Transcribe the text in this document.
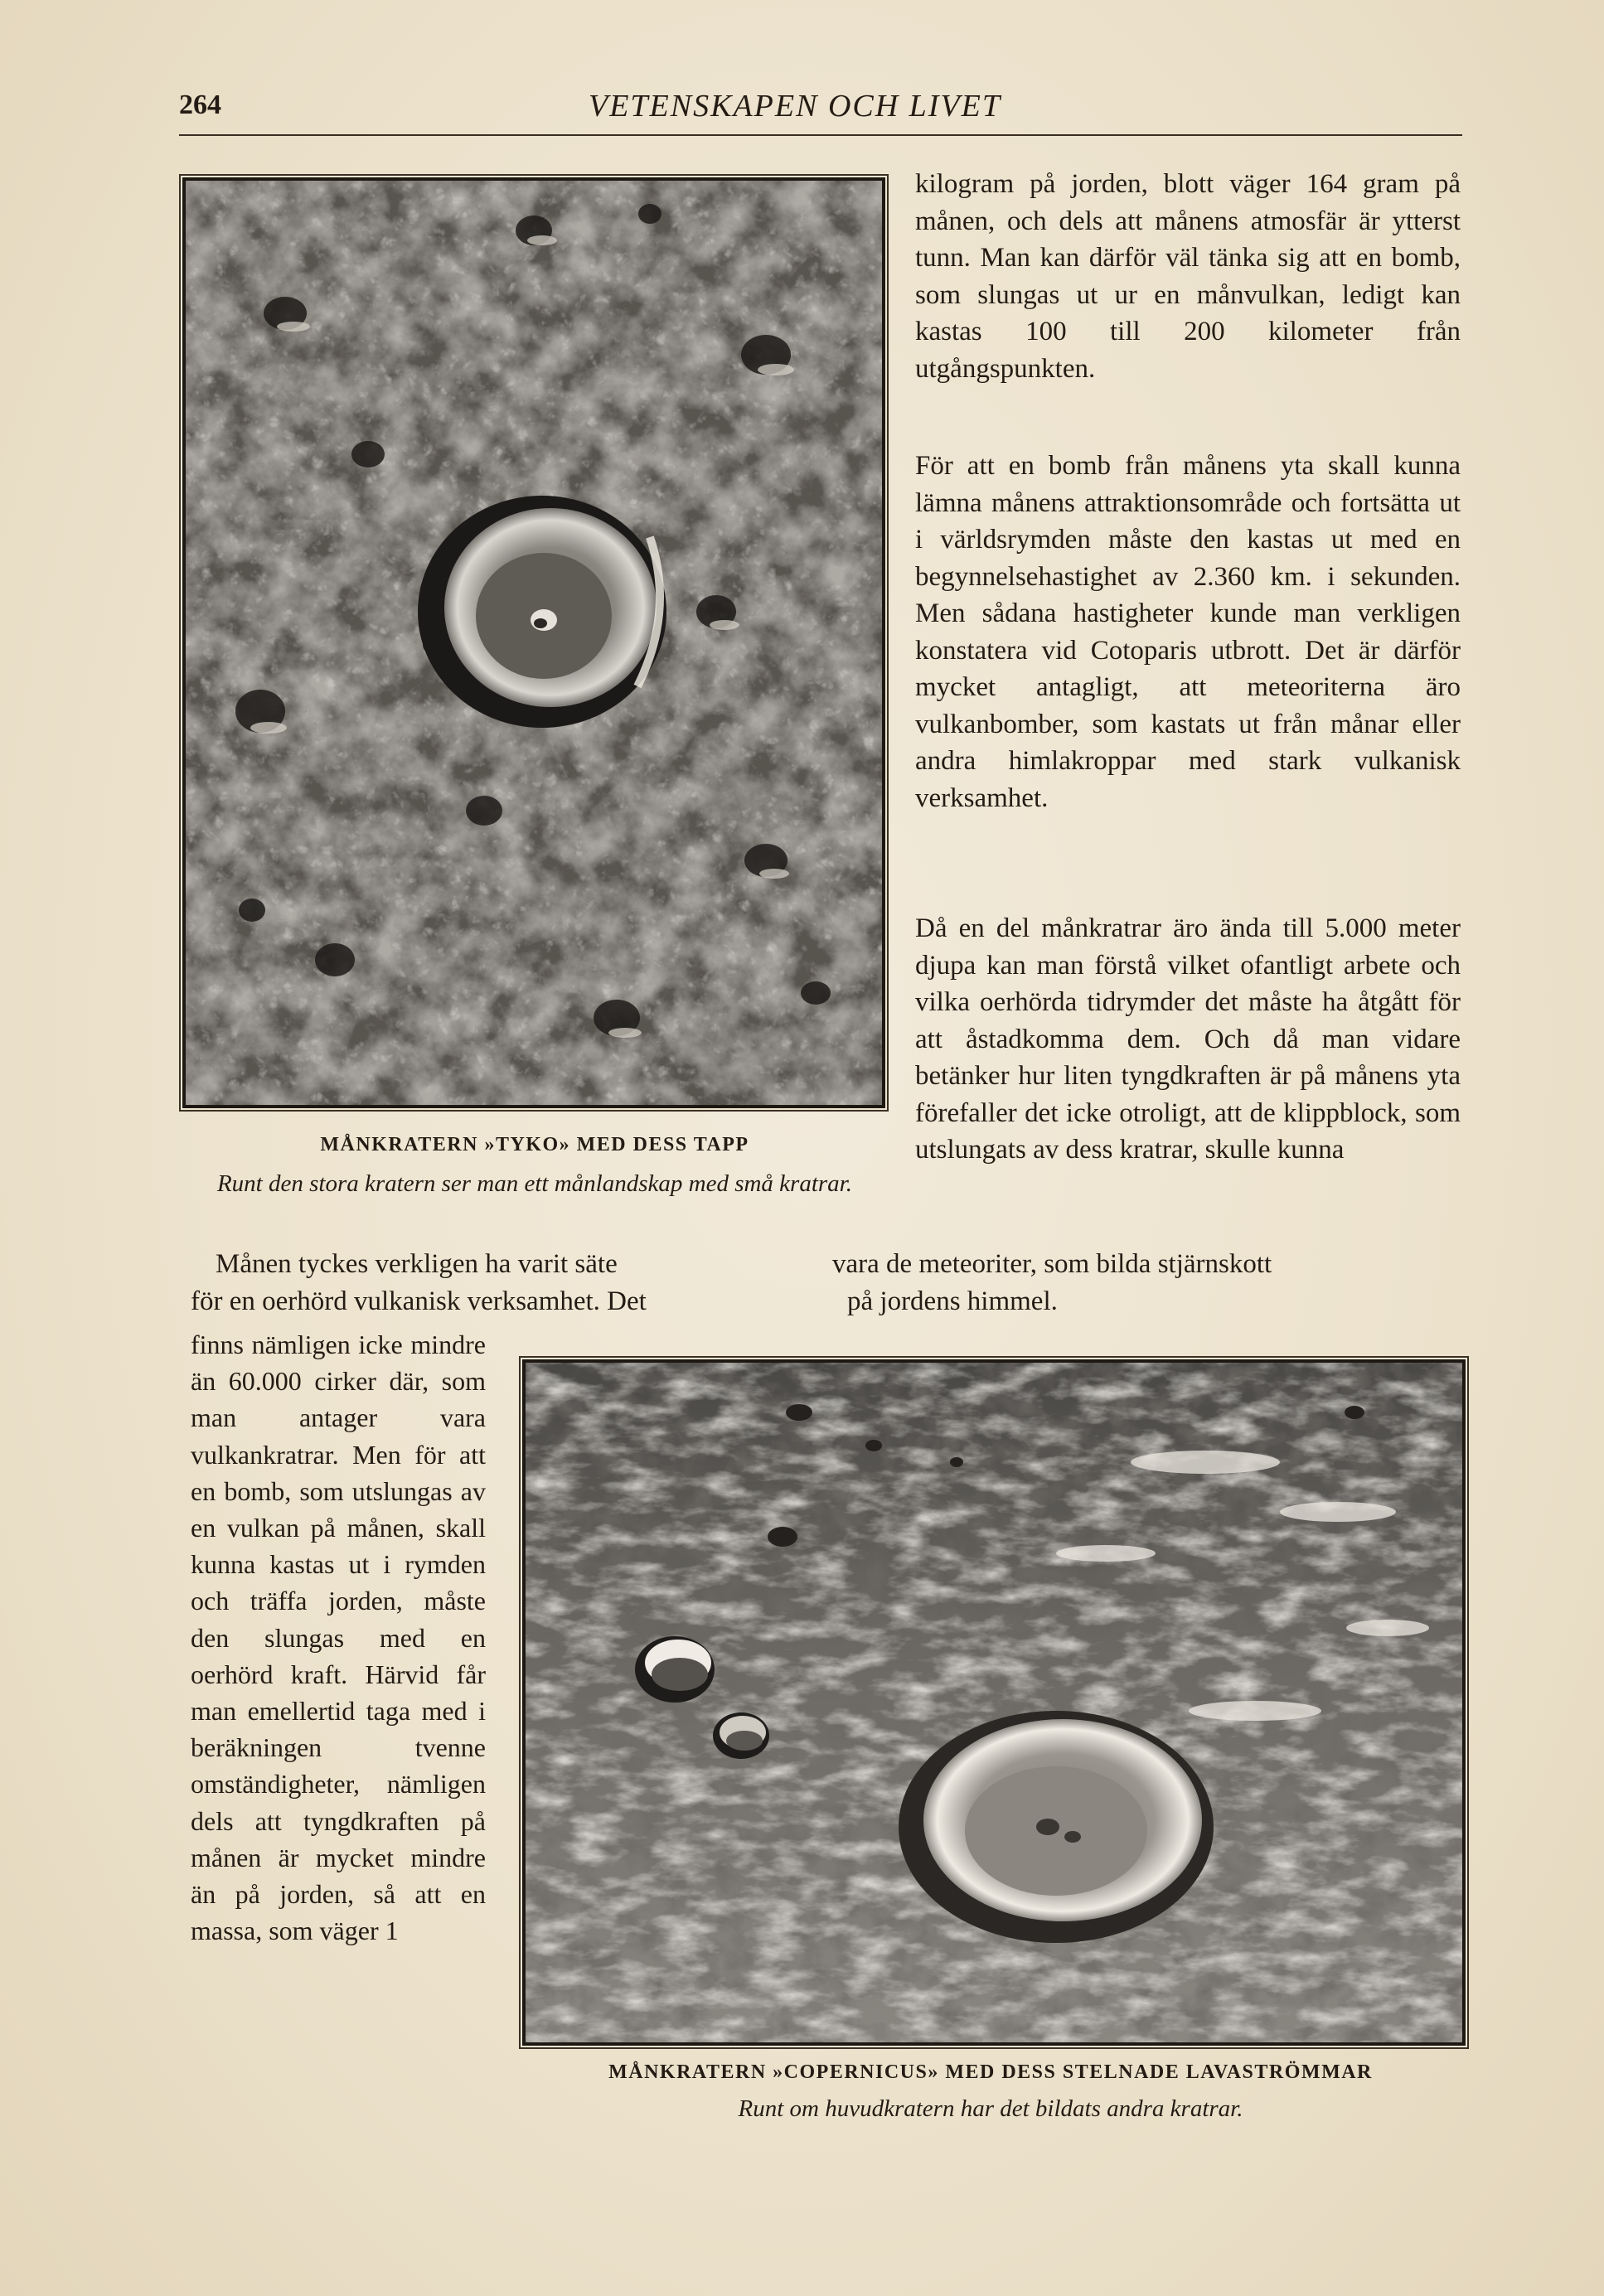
264	VETENSKAPEN OCH LIVET
MÅNKRATERN »TYKO» MED DESS TAPP
Runt den stora kratern ser man ett månlandskap med små kratrar.
kilogram på jorden, blott väger 164 gram på månen, och dels att månens atmosfär är ytterst tunn. Man kan därför väl tänka sig att en bomb, som slungas ut ur en månvulkan, ledigt kan kastas 100 till 200 kilometer från utgångspunkten.
För att en bomb från månens yta skall kunna lämna månens attraktionsområde och fortsätta ut i världsrymden måste den kastas ut med en begynnelsehastighet av 2.360 km. i sekunden. Men sådana hastigheter kunde man verkligen konstatera vid Cotoparis utbrott. Det är därför mycket antagligt, att meteoriterna äro vulkanbomber, som kastats ut från månar eller andra himlakroppar med stark vulkanisk verksamhet.
Då en del månkratrar äro ända till 5.000 meter djupa kan man förstå vilket ofantligt arbete och vilka oerhörda tidrymder det måste ha åtgått för att åstadkomma dem. Och då man vidare betänker hur liten tyngdkraften är på månens yta förefaller det icke otroligt, att de klippblock, som utslungats av dess kratrar, skulle kunna
Månen tyckes verkligen ha varit säte
för en oerhörd vulkanisk verksamhet. Det
vara de meteoriter, som bilda stjärnskott
på jordens himmel.
finns nämligen icke mindre än 60.000 cirker där, som man antager vara vulkankratrar. Men för att en bomb, som utslungas av en vulkan på månen, skall kunna kastas ut i rymden och träffa jorden, måste den slungas med en oerhörd kraft. Härvid får man emellertid taga med i beräkningen tvenne omständigheter, nämligen dels att tyngdkraften på månen är mycket mindre än på jorden, så att en massa, som väger 1
MÅNKRATERN »COPERNICUS» MED DESS STELNADE LAVASTRÖMMAR
Runt om huvudkratern har det bildats andra kratrar.
